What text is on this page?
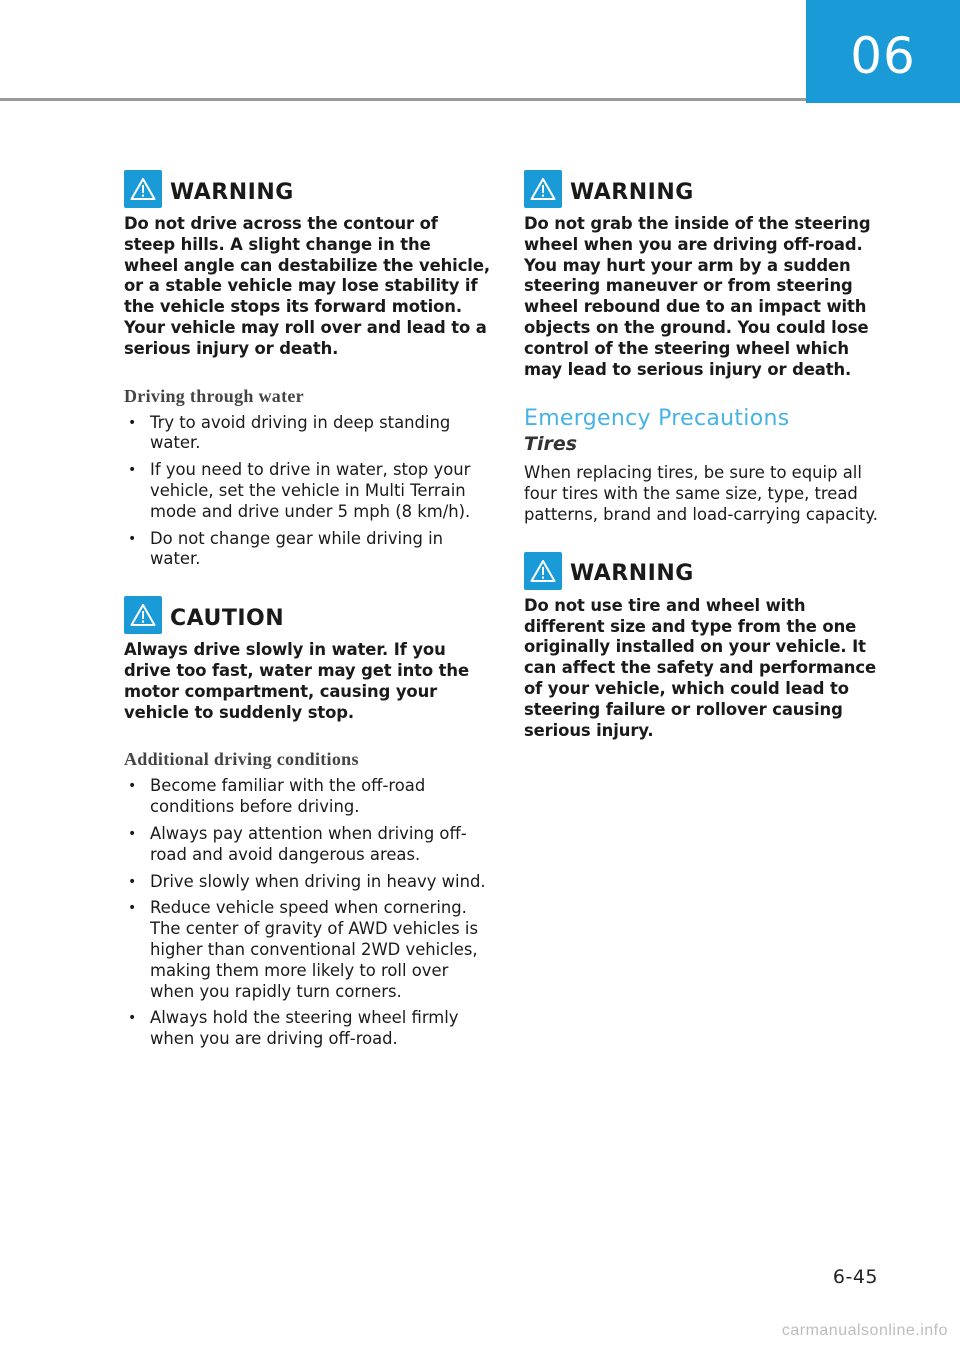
06
WARNING
Do not drive across the contour of steep hills. A slight change in the wheel angle can destabilize the vehicle, or a stable vehicle may lose stability if the vehicle stops its forward motion. Your vehicle may roll over and lead to a serious injury or death.
Driving through water
• Try to avoid driving in deep standing water.
• If you need to drive in water, stop your vehicle, set the vehicle in Multi Terrain mode and drive under 5 mph (8 km/h).
• Do not change gear while driving in water.
CAUTION
Always drive slowly in water. If you drive too fast, water may get into the motor compartment, causing your vehicle to suddenly stop.
Additional driving conditions
• Become familiar with the off-road conditions before driving.
• Always pay attention when driving off-road and avoid dangerous areas.
• Drive slowly when driving in heavy wind.
• Reduce vehicle speed when cornering. The center of gravity of AWD vehicles is higher than conventional 2WD vehicles, making them more likely to roll over when you rapidly turn corners.
• Always hold the steering wheel firmly when you are driving off-road.
WARNING
Do not grab the inside of the steering wheel when you are driving off-road. You may hurt your arm by a sudden steering maneuver or from steering wheel rebound due to an impact with objects on the ground. You could lose control of the steering wheel which may lead to serious injury or death.
Emergency Precautions
Tires

When replacing tires, be sure to equip all four tires with the same size, type, tread patterns, brand and load-carrying capacity.

WARNING
Do not use tire and wheel with different size and type from the one originally installed on your vehicle. It can affect the safety and performance of your vehicle, which could lead to steering failure or rollover causing serious injury.
6-45
carmanualsonline.info
